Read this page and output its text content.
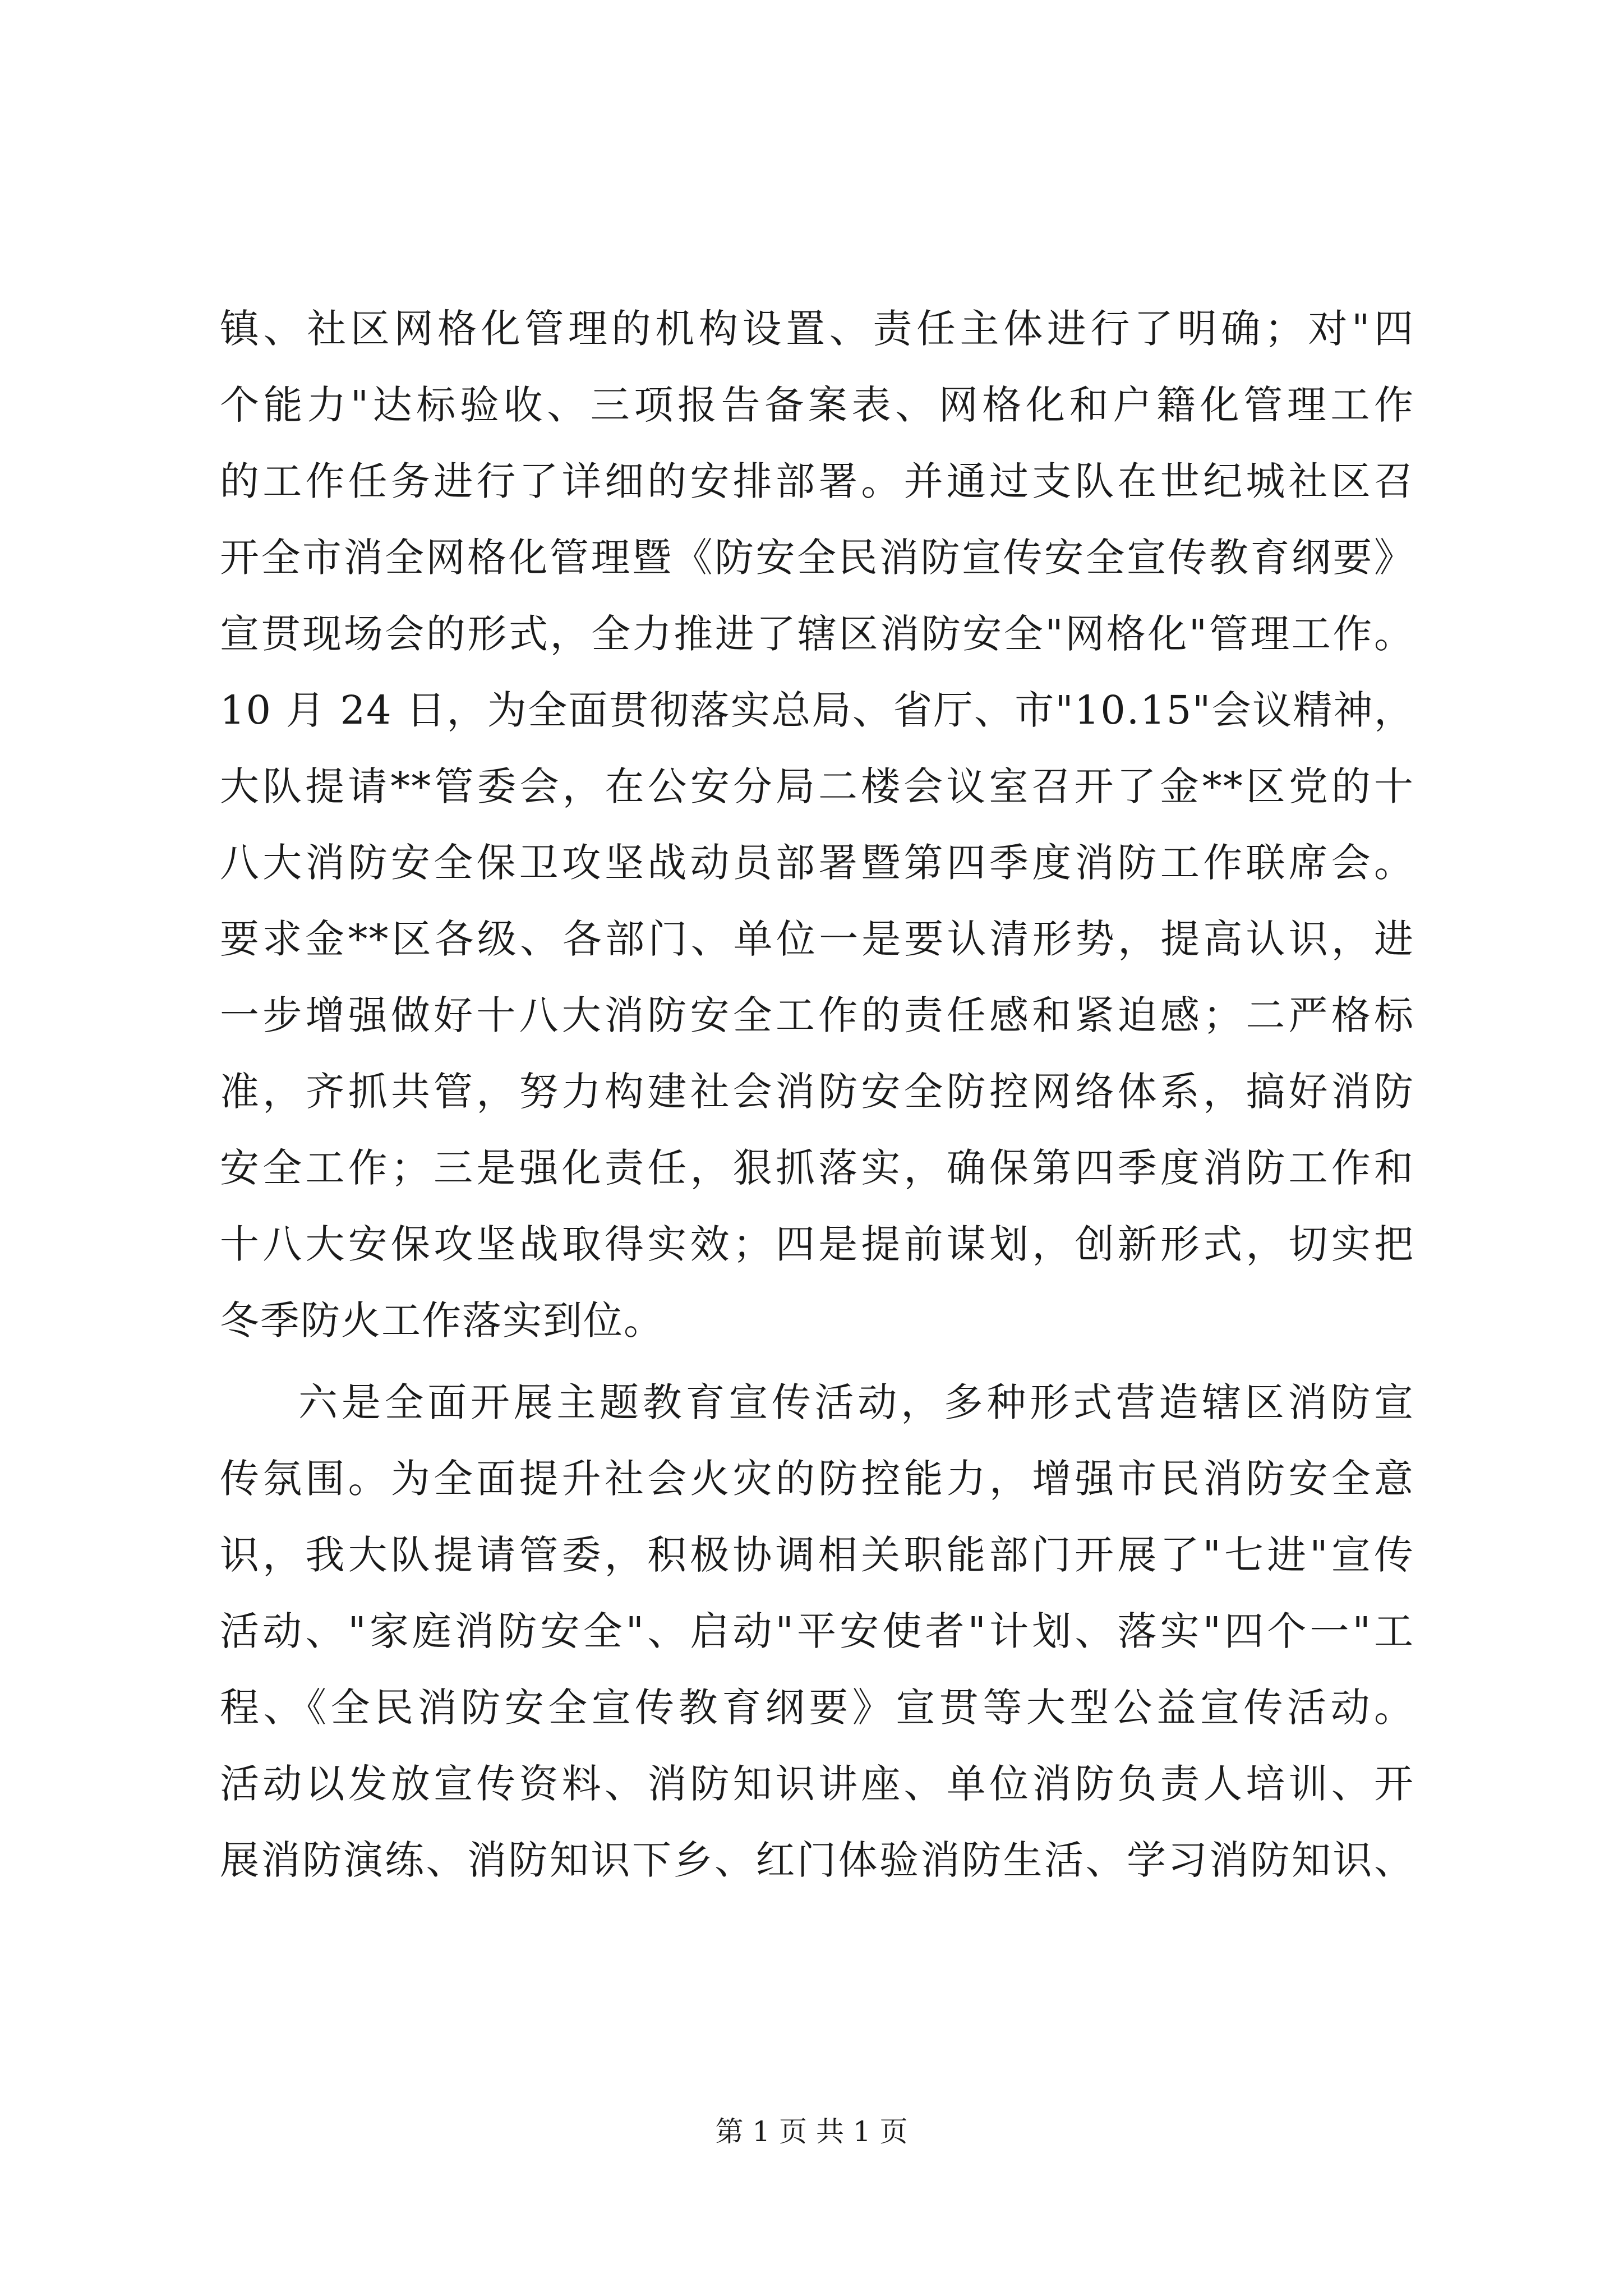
镇、社区网格化管理的机构设置、责任主体进行了明确；对"四
个能力"达标验收、三项报告备案表、网格化和户籍化管理工作
的工作任务进行了详细的安排部署。并通过支队在世纪城社区召
开全市消全网格化管理暨《防安全民消防宣传安全宣传教育纲要》
宣贯现场会的形式，全力推进了辖区消防安全"网格化"管理工作。
10 月 24 日，为全面贯彻落实总局、省厅、市"10.15"会议精神，
大队提请**管委会，在公安分局二楼会议室召开了金**区党的十
八大消防安全保卫攻坚战动员部署暨第四季度消防工作联席会。
要求金**区各级、各部门、单位一是要认清形势，提高认识，进
一步增强做好十八大消防安全工作的责任感和紧迫感；二严格标
准，齐抓共管，努力构建社会消防安全防控网络体系，搞好消防
安全工作；三是强化责任，狠抓落实，确保第四季度消防工作和
十八大安保攻坚战取得实效；四是提前谋划，创新形式，切实把
冬季防火工作落实到位。
六是全面开展主题教育宣传活动，多种形式营造辖区消防宣
传氛围。为全面提升社会火灾的防控能力，增强市民消防安全意
识，我大队提请管委，积极协调相关职能部门开展了"七进"宣传
活动、"家庭消防安全"、启动"平安使者"计划、落实"四个一"工
程、《全民消防安全宣传教育纲要》宣贯等大型公益宣传活动。
活动以发放宣传资料、消防知识讲座、单位消防负责人培训、开
展消防演练、消防知识下乡、红门体验消防生活、学习消防知识、
第 1 页 共 1 页
